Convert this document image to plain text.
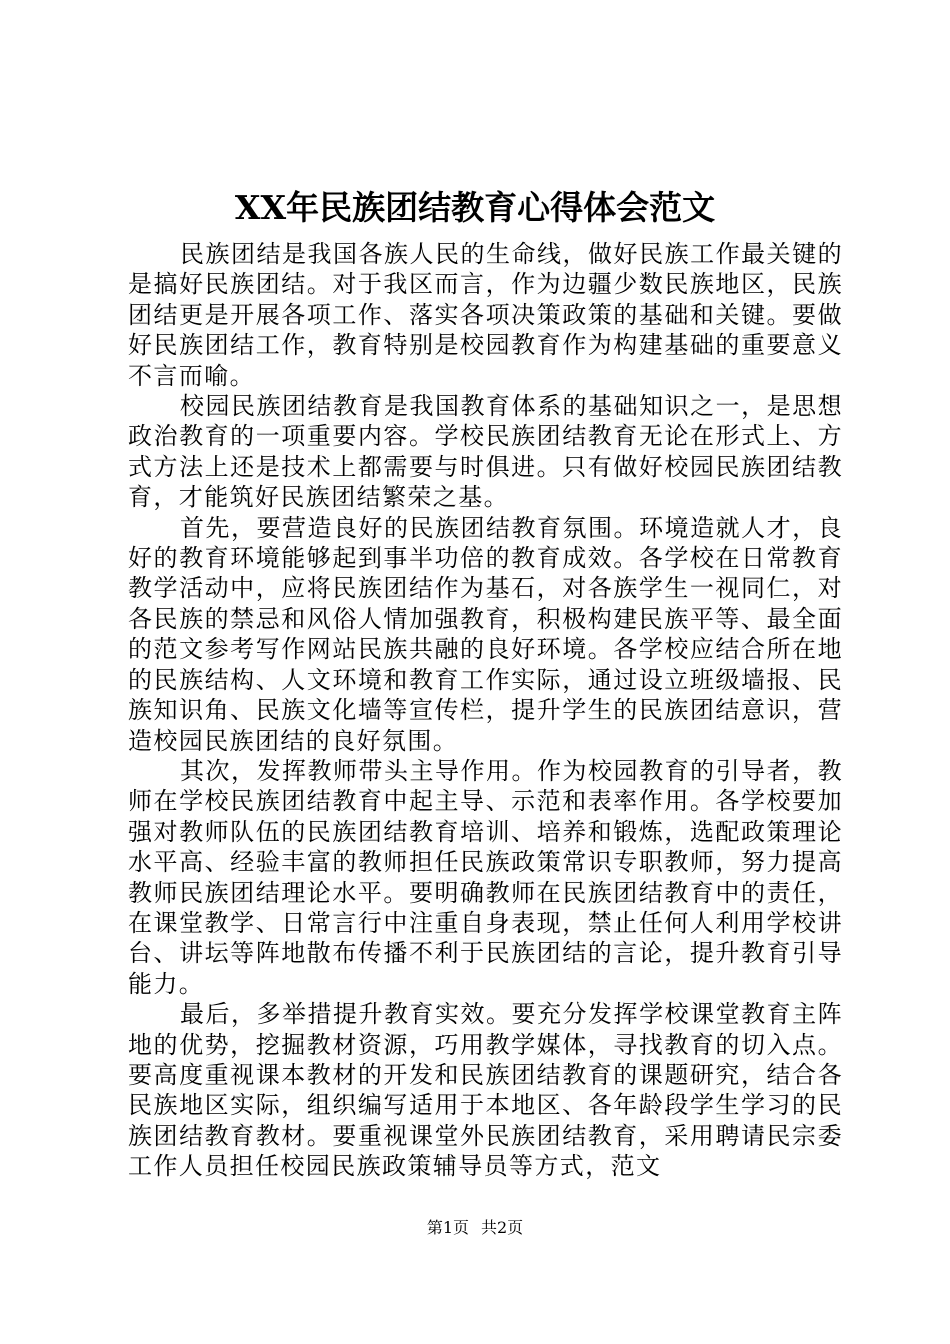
XX年民族团结教育心得体会范文

民族团结是我国各族人民的生命线，做好民族工作最关键的是搞好民族团结。对于我区而言，作为边疆少数民族地区，民族团结更是开展各项工作、落实各项决策政策的基础和关键。要做好民族团结工作，教育特别是校园教育作为构建基础的重要意义不言而喻。

校园民族团结教育是我国教育体系的基础知识之一，是思想政治教育的一项重要内容。学校民族团结教育无论在形式上、方式方法上还是技术上都需要与时俱进。只有做好校园民族团结教育，才能筑好民族团结繁荣之基。

首先，要营造良好的民族团结教育氛围。环境造就人才，良好的教育环境能够起到事半功倍的教育成效。各学校在日常教育教学活动中，应将民族团结作为基石，对各族学生一视同仁，对各民族的禁忌和风俗人情加强教育，积极构建民族平等、最全面的范文参考写作网站民族共融的良好环境。各学校应结合所在地的民族结构、人文环境和教育工作实际，通过设立班级墙报、民族知识角、民族文化墙等宣传栏，提升学生的民族团结意识，营造校园民族团结的良好氛围。

其次，发挥教师带头主导作用。作为校园教育的引导者，教师在学校民族团结教育中起主导、示范和表率作用。各学校要加强对教师队伍的民族团结教育培训、培养和锻炼，选配政策理论水平高、经验丰富的教师担任民族政策常识专职教师，努力提高教师民族团结理论水平。要明确教师在民族团结教育中的责任，在课堂教学、日常言行中注重自身表现，禁止任何人利用学校讲台、讲坛等阵地散布传播不利于民族团结的言论，提升教育引导能力。

最后，多举措提升教育实效。要充分发挥学校课堂教育主阵地的优势，挖掘教材资源，巧用教学媒体，寻找教育的切入点。要高度重视课本教材的开发和民族团结教育的课题研究，结合各民族地区实际，组织编写适用于本地区、各年龄段学生学习的民族团结教育教材。要重视课堂外民族团结教育，采用聘请民宗委工作人员担任校园民族政策辅导员等方式，范文

第1页 共2页
